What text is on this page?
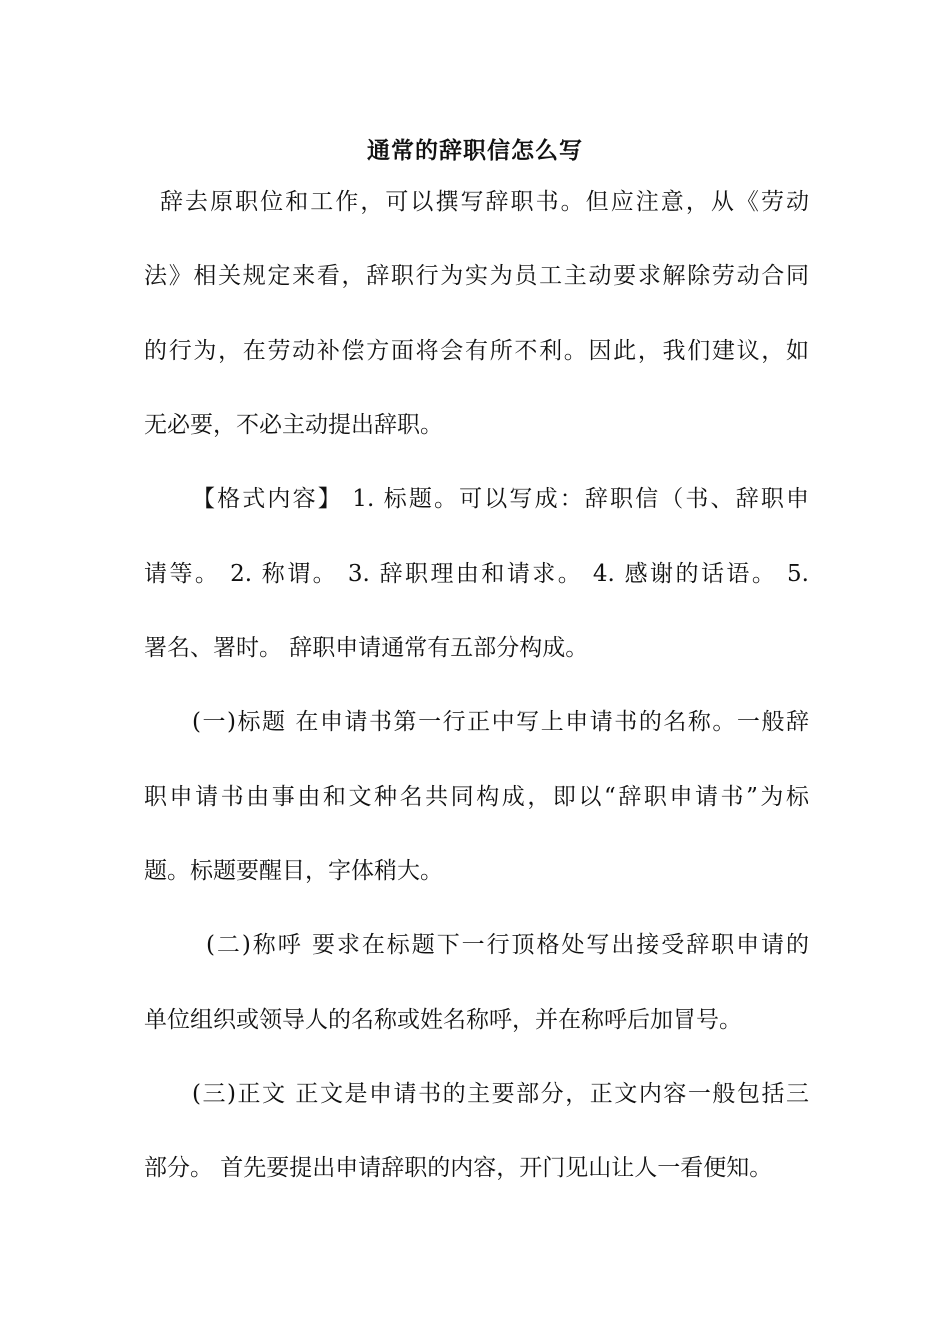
通常的辞职信怎么写

辞去原职位和工作，可以撰写辞职书。但应注意，从《劳动

法》相关规定来看，辞职行为实为员工主动要求解除劳动合同

的行为，在劳动补偿方面将会有所不利。因此，我们建议，如

无必要，不必主动提出辞职。

【格式内容】 1. 标题。可以写成：辞职信（书、辞职申

请等。 2. 称谓。 3. 辞职理由和请求。 4. 感谢的话语。 5.

署名、署时。 辞职申请通常有五部分构成。

(一)标题 在申请书第一行正中写上申请书的名称。一般辞

职申请书由事由和文种名共同构成，即以“辞职申请书”为标

题。标题要醒目，字体稍大。

(二)称呼 要求在标题下一行顶格处写出接受辞职申请的

单位组织或领导人的名称或姓名称呼，并在称呼后加冒号。

(三)正文 正文是申请书的主要部分，正文内容一般包括三

部分。 首先要提出申请辞职的内容，开门见山让人一看便知。
